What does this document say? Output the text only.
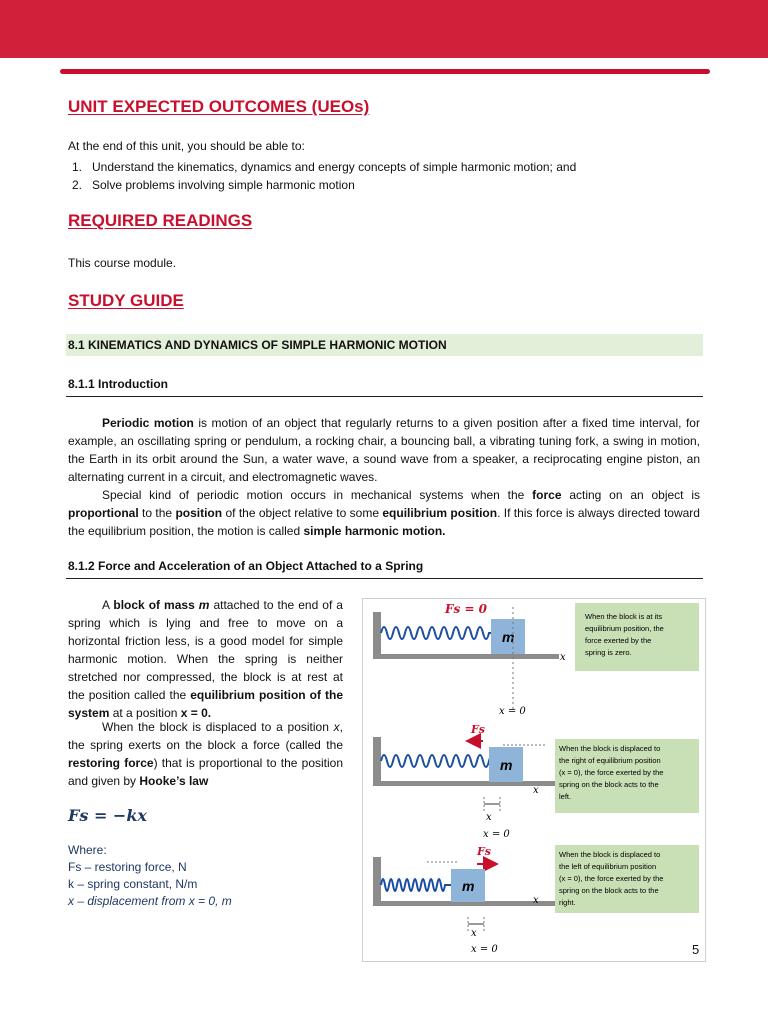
UNIT EXPECTED OUTCOMES (UEOs)
At the end of this unit, you should be able to:
1. Understand the kinematics, dynamics and energy concepts of simple harmonic motion; and
2. Solve problems involving simple harmonic motion
REQUIRED READINGS
This course module.
STUDY GUIDE
8.1 KINEMATICS AND DYNAMICS OF SIMPLE HARMONIC MOTION
8.1.1 Introduction
Periodic motion is motion of an object that regularly returns to a given position after a fixed time interval, for example, an oscillating spring or pendulum, a rocking chair, a bouncing ball, a vibrating tuning fork, a swing in motion, the Earth in its orbit around the Sun, a water wave, a sound wave from a speaker, a reciprocating engine piston, an alternating current in a circuit, and electromagnetic waves.
Special kind of periodic motion occurs in mechanical systems when the force acting on an object is proportional to the position of the object relative to some equilibrium position. If this force is always directed toward the equilibrium position, the motion is called simple harmonic motion.
8.1.2 Force and Acceleration of an Object Attached to a Spring
A block of mass m attached to the end of a spring which is lying and free to move on a horizontal friction less, is a good model for simple harmonic motion. When the spring is neither stretched nor compressed, the block is at rest at the position called the equilibrium position of the system at a position x = 0.
When the block is displaced to a position x, the spring exerts on the block a force (called the restoring force) that is proportional to the position and given by Hooke’s law
Fs = −kx
Where:
Fs – restoring force, N
k – spring constant, N/m
x – displacement from x = 0, m
Fs = 0
m
x
x = 0
When the block is at its equilibrium position, the force exerted by the spring is zero.
Fs
m
x
x
x = 0
When the block is displaced to the right of equilibrium position (x = 0), the force exerted by the spring on the block acts to the left.
Fs
m
x
x
x = 0
When the block is displaced to the left of equilibrium position (x = 0), the force exerted by the spring on the block acts to the right.
5
